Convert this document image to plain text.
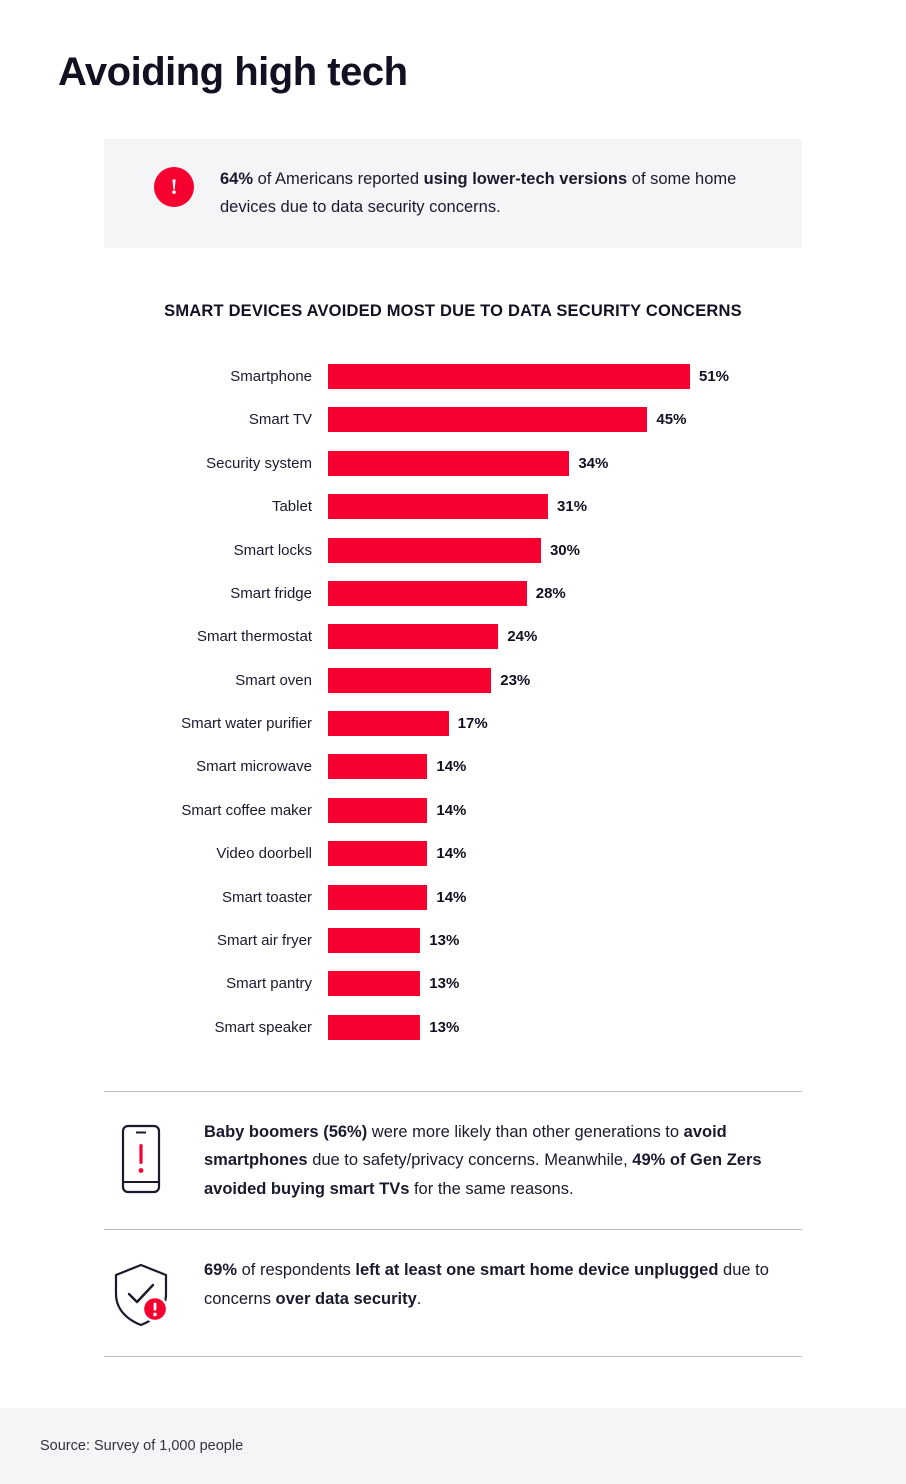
Avoiding high tech
!	64% of Americans reported using lower-tech versions of some home devices due to data security concerns.
SMART DEVICES AVOIDED MOST DUE TO DATA SECURITY CONCERNS
Smartphone	51%
Smart TV	45%
Security system	34%
Tablet	31%
Smart locks	30%
Smart fridge	28%
Smart thermostat	24%
Smart oven	23%
Smart water purifier	17%
Smart microwave	14%
Smart coffee maker	14%
Video doorbell	14%
Smart toaster	14%
Smart air fryer	13%
Smart pantry	13%
Smart speaker	13%
Baby boomers (56%) were more likely than other generations to avoid smartphones due to safety/privacy concerns. Meanwhile, 49% of Gen Zers avoided buying smart TVs for the same reasons.
69% of respondents left at least one smart home device unplugged due to concerns over data security.
Source: Survey of 1,000 people
